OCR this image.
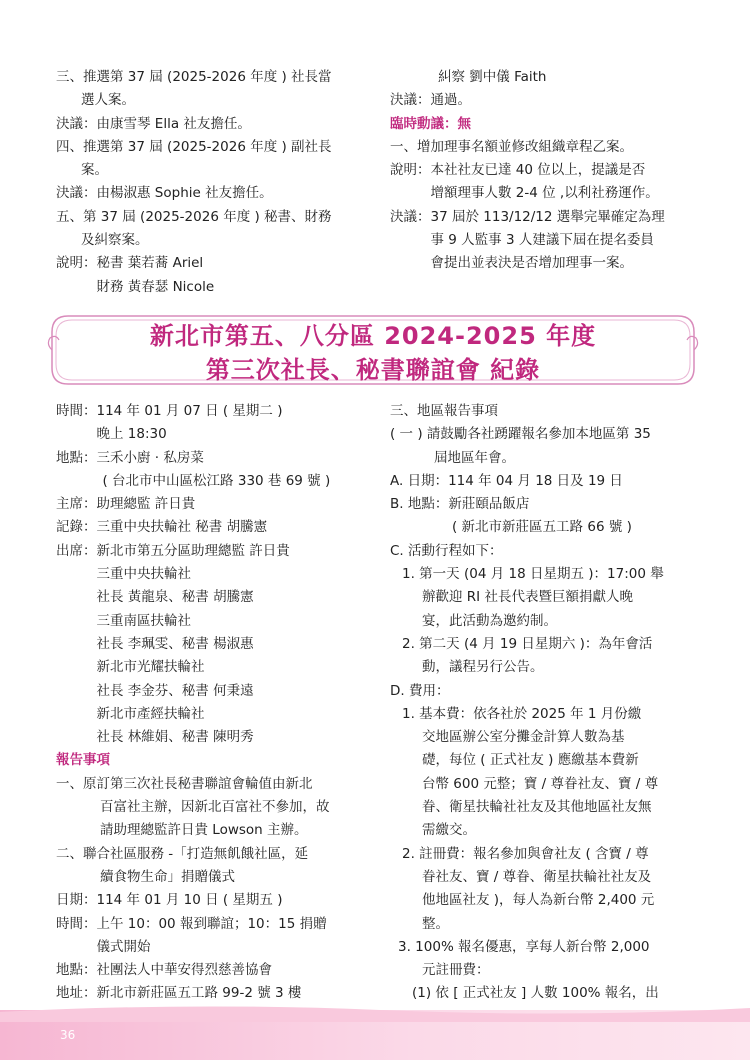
三、推選第 37 屆 (2025-2026 年度 ) 社長當
選人案。
決議：由康雪琴 Ella 社友擔任。
四、推選第 37 屆 (2025-2026 年度 ) 副社長
案。
決議：由楊淑惠 Sophie 社友擔任。
五、第 37 屆 (2025-2026 年度 ) 秘書、財務
及糾察案。
說明： 秘書 葉若蕎 Ariel
財務 黃春瑟 Nicole
糾察 劉中儀 Faith
決議：通過。
臨時動議：無
一、增加理事名額並修改組織章程乙案。
說明： 本社社友已達 40 位以上，提議是否
增額理事人數 2-4 位 ,以利社務運作。
決議： 37 屆於 113/12/12 選舉完畢確定為理
事 9 人監事 3 人建議下屆在提名委員
會提出並表決是否增加理事一案。
新北市第五、八分區 2024-2025 年度
第三次社長、秘書聯誼會 紀錄
時間： 114 年 01 月 07 日 ( 星期二 )
晚上 18:30
地點： 三禾小廚 ‧ 私房菜
( 台北市中山區松江路 330 巷 69 號 )
主席： 助理總監 許日貴
記錄： 三重中央扶輪社 秘書 胡騰憲
出席： 新北市第五分區助理總監 許日貴
三重中央扶輪社
社長 黃龍泉、秘書 胡騰憲
三重南區扶輪社
社長 李珮雯、秘書 楊淑惠
新北市光耀扶輪社
社長 李金芬、秘書 何秉遠
新北市產經扶輪社
社長 林維娟、秘書 陳明秀
報告事項
一、原訂第三次社長秘書聯誼會輪值由新北
百富社主辦，因新北百富社不參加，故
請助理總監許日貴 Lowson 主辦。
二、聯合社區服務 -「打造無飢餓社區，延
續食物生命」捐贈儀式
日期： 114 年 01 月 10 日 ( 星期五 )
時間： 上午 10：00 報到聯誼；10：15 捐贈
儀式開始
地點： 社團法人中華安得烈慈善協會
地址： 新北市新莊區五工路 99-2 號 3 樓
三、地區報告事項
( 一 ) 請鼓勵各社踴躍報名參加本地區第 35
屆地區年會。
A. 日期：114 年 04 月 18 日及 19 日
B. 地點：新莊頤品飯店
( 新北市新莊區五工路 66 號 )
C. 活動行程如下：
1. 第一天 (04 月 18 日星期五 )：17:00 舉
辦歡迎 RI 社長代表暨巨額捐獻人晚
宴，此活動為邀約制。
2. 第二天 (4 月 19 日星期六 )：為年會活
動，議程另行公告。
D. 費用：
1. 基本費：依各社於 2025 年 1 月份繳
交地區辦公室分攤金計算人數為基
礎，每位 ( 正式社友 ) 應繳基本費新
台幣 600 元整；寶 / 尊眷社友、寶 / 尊
眷、衛星扶輪社社友及其他地區社友無
需繳交。
2. 註冊費：報名參加與會社友 ( 含寶 / 尊
眷社友、寶 / 尊眷、衛星扶輪社社友及
他地區社友 )，每人為新台幣 2,400 元
整。
3. 100% 報名優惠，享每人新台幣 2,000
元註冊費：
(1) 依 [ 正式社友 ] 人數 100% 報名，出
36
